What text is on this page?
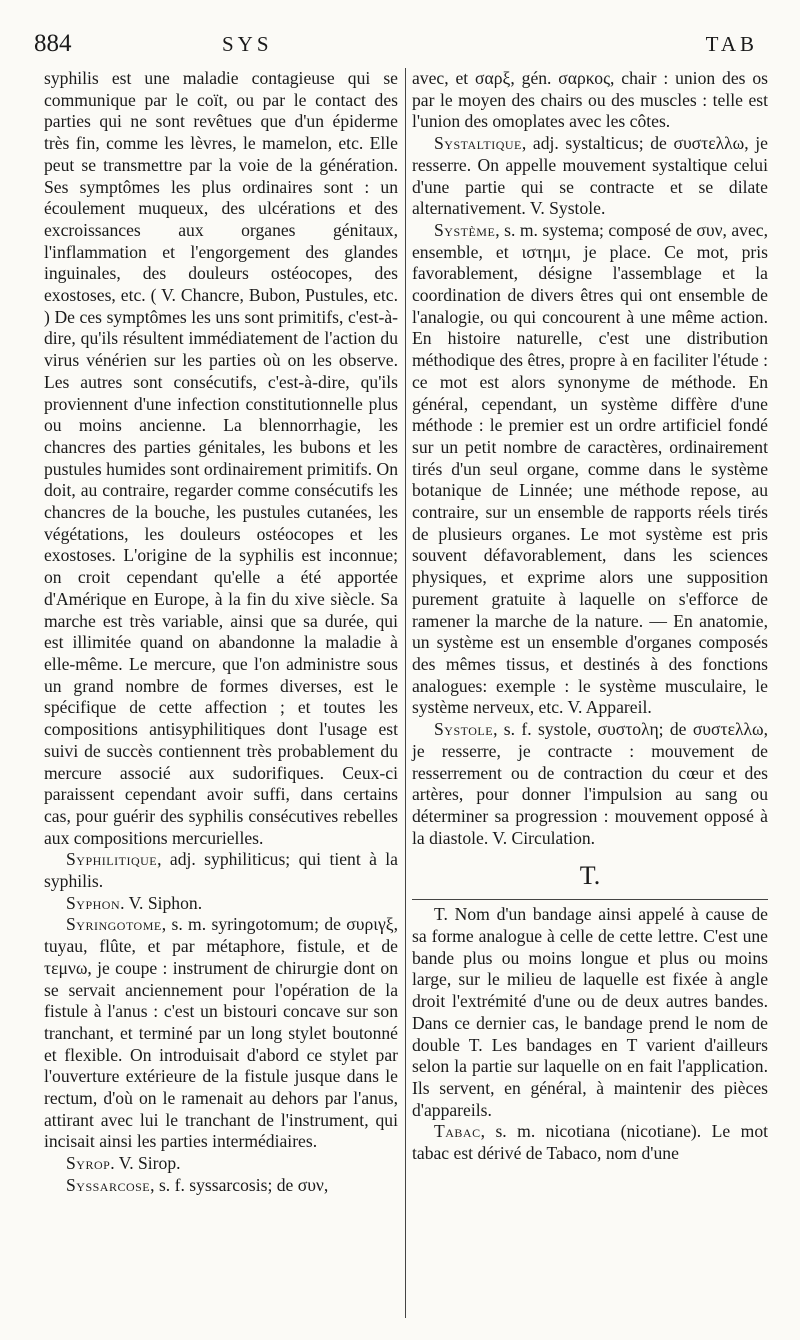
884	SYS	TAB

syphilis est une maladie contagieuse qui se communique par le coït, ou par le contact des parties qui ne sont revêtues que d'un épiderme très fin, comme les lèvres, le mamelon, etc. Elle peut se transmettre par la voie de la génération. Ses symptômes les plus ordinaires sont : un écoulement muqueux, des ulcérations et des excroissances aux organes génitaux, l'inflammation et l'engorgement des glandes inguinales, des douleurs ostéocopes, des exostoses, etc. ( V. Chancre, Bubon, Pustules, etc. ) De ces symptômes les uns sont primitifs, c'est-à-dire, qu'ils résultent immédiatement de l'action du virus vénérien sur les parties où on les observe. Les autres sont consécutifs, c'est-à-dire, qu'ils proviennent d'une infection constitutionnelle plus ou moins ancienne. La blennorrhagie, les chancres des parties génitales, les bubons et les pustules humides sont ordinairement primitifs. On doit, au contraire, regarder comme consécutifs les chancres de la bouche, les pustules cutanées, les végétations, les douleurs ostéocopes et les exostoses. L'origine de la syphilis est inconnue; on croit cependant qu'elle a été apportée d'Amérique en Europe, à la fin du xive siècle. Sa marche est très variable, ainsi que sa durée, qui est illimitée quand on abandonne la maladie à elle-même. Le mercure, que l'on administre sous un grand nombre de formes diverses, est le spécifique de cette affection ; et toutes les compositions antisyphilitiques dont l'usage est suivi de succès contiennent très probablement du mercure associé aux sudorifiques. Ceux-ci paraissent cependant avoir suffi, dans certains cas, pour guérir des syphilis consécutives rebelles aux compositions mercurielles.

Syphilitique, adj. syphiliticus; qui tient à la syphilis.

Syphon. V. Siphon.

Syringotome, s. m. syringotomum; de συριγξ, tuyau, flûte, et par métaphore, fistule, et de τεμνω, je coupe : instrument de chirurgie dont on se servait anciennement pour l'opération de la fistule à l'anus : c'est un bistouri concave sur son tranchant, et terminé par un long stylet boutonné et flexible. On introduisait d'abord ce stylet par l'ouverture extérieure de la fistule jusque dans le rectum, d'où on le ramenait au dehors par l'anus, attirant avec lui le tranchant de l'instrument, qui incisait ainsi les parties intermédiaires.

Syrop. V. Sirop.

Syssarcose, s. f. syssarcosis; de συν,

avec, et σαρξ, gén. σαρκος, chair : union des os par le moyen des chairs ou des muscles : telle est l'union des omoplates avec les côtes.

Systaltique, adj. systalticus; de συστελλω, je resserre. On appelle mouvement systaltique celui d'une partie qui se contracte et se dilate alternativement. V. Systole.

Système, s. m. systema; composé de συν, avec, ensemble, et ιστημι, je place. Ce mot, pris favorablement, désigne l'assemblage et la coordination de divers êtres qui ont ensemble de l'analogie, ou qui concourent à une même action. En histoire naturelle, c'est une distribution méthodique des êtres, propre à en faciliter l'étude : ce mot est alors synonyme de méthode. En général, cependant, un système diffère d'une méthode : le premier est un ordre artificiel fondé sur un petit nombre de caractères, ordinairement tirés d'un seul organe, comme dans le système botanique de Linnée; une méthode repose, au contraire, sur un ensemble de rapports réels tirés de plusieurs organes. Le mot système est pris souvent défavorablement, dans les sciences physiques, et exprime alors une supposition purement gratuite à laquelle on s'efforce de ramener la marche de la nature. — En anatomie, un système est un ensemble d'organes composés des mêmes tissus, et destinés à des fonctions analogues: exemple : le système musculaire, le système nerveux, etc. V. Appareil.

Systole, s. f. systole, συστολη; de συστελλω, je resserre, je contracte : mouvement de resserrement ou de contraction du cœur et des artères, pour donner l'impulsion au sang ou déterminer sa progression : mouvement opposé à la diastole. V. Circulation.

T.

T. Nom d'un bandage ainsi appelé à cause de sa forme analogue à celle de cette lettre. C'est une bande plus ou moins longue et plus ou moins large, sur le milieu de laquelle est fixée à angle droit l'extrémité d'une ou de deux autres bandes. Dans ce dernier cas, le bandage prend le nom de double T. Les bandages en T varient d'ailleurs selon la partie sur laquelle on en fait l'application. Ils servent, en général, à maintenir des pièces d'appareils.

Tabac, s. m. nicotiana (nicotiane). Le mot tabac est dérivé de Tabaco, nom d'une
